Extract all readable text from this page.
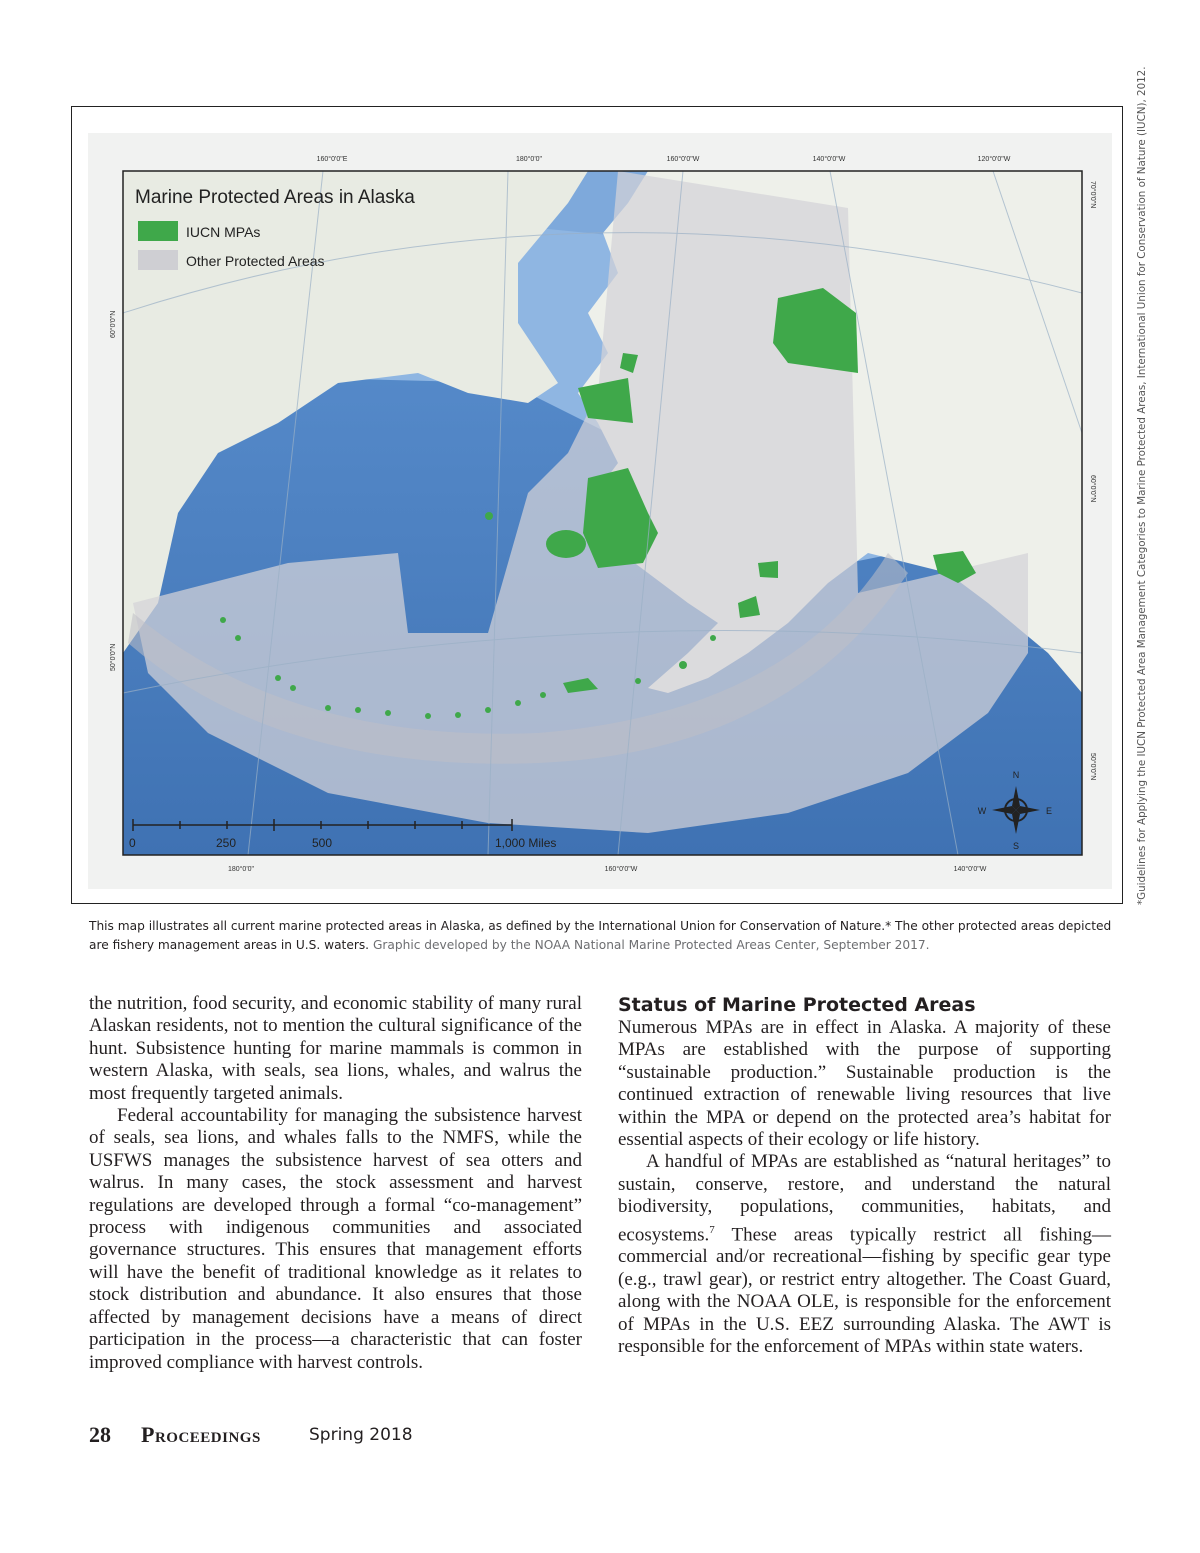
Marine Protected Areas in Alaska
IUCN MPAs
Other Protected Areas
160°0'0"E	180°0'0"	160°0'0"W	140°0'0"W	120°0'0"W
180°0'0"	160°0'0"W	140°0'0"W
60°0'0"N
50°0'0"N
70°0'0"N
60°0'0"N
50°0'0"N
0	250	500	1,000 Miles
N
S
E
W	*Guidelines for Applying the IUCN Protected Area Management Categories to Marine Protected Areas, International Union for Conservation of Nature (IUCN), 2012.
This map illustrates all current marine protected areas in Alaska, as defined by the International Union for Conservation of Nature.* The other protected areas depicted are fishery management areas in U.S. waters. Graphic developed by the NOAA National Marine Protected Areas Center, September 2017.

the nutrition, food security, and economic stability of many rural Alaskan residents, not to mention the cultural significance of the hunt. Subsistence hunting for marine mammals is common in western Alaska, with seals, sea lions, whales, and walrus the most frequently targeted animals.

Federal accountability for managing the subsistence harvest of seals, sea lions, and whales falls to the NMFS, while the USFWS manages the subsistence harvest of sea otters and walrus. In many cases, the stock assessment and harvest regulations are developed through a formal “co-management” process with indigenous communities and associated governance structures. This ensures that management efforts will have the benefit of traditional knowledge as it relates to stock distribution and abundance. It also ensures that those affected by management decisions have a means of direct participation in the process—a characteristic that can foster improved compliance with harvest controls.

Status of Marine Protected Areas

Numerous MPAs are in effect in Alaska. A majority of these MPAs are established with the purpose of supporting “sustainable production.” Sustainable production is the continued extraction of renewable living resources that live within the MPA or depend on the protected area’s habitat for essential aspects of their ecology or life history.

A handful of MPAs are established as “natural heritages” to sustain, conserve, restore, and understand the natural biodiversity, populations, communities, habitats, and ecosystems.$^7$ These areas typically restrict all fishing—commercial and/or recreational—fishing by specific gear type (e.g., trawl gear), or restrict entry altogether. The Coast Guard, along with the NOAA OLE, is responsible for the enforcement of MPAs in the U.S. EEZ surrounding Alaska. The AWT is responsible for the enforcement of MPAs within state waters.

28 Proceedings	Spring 2018
